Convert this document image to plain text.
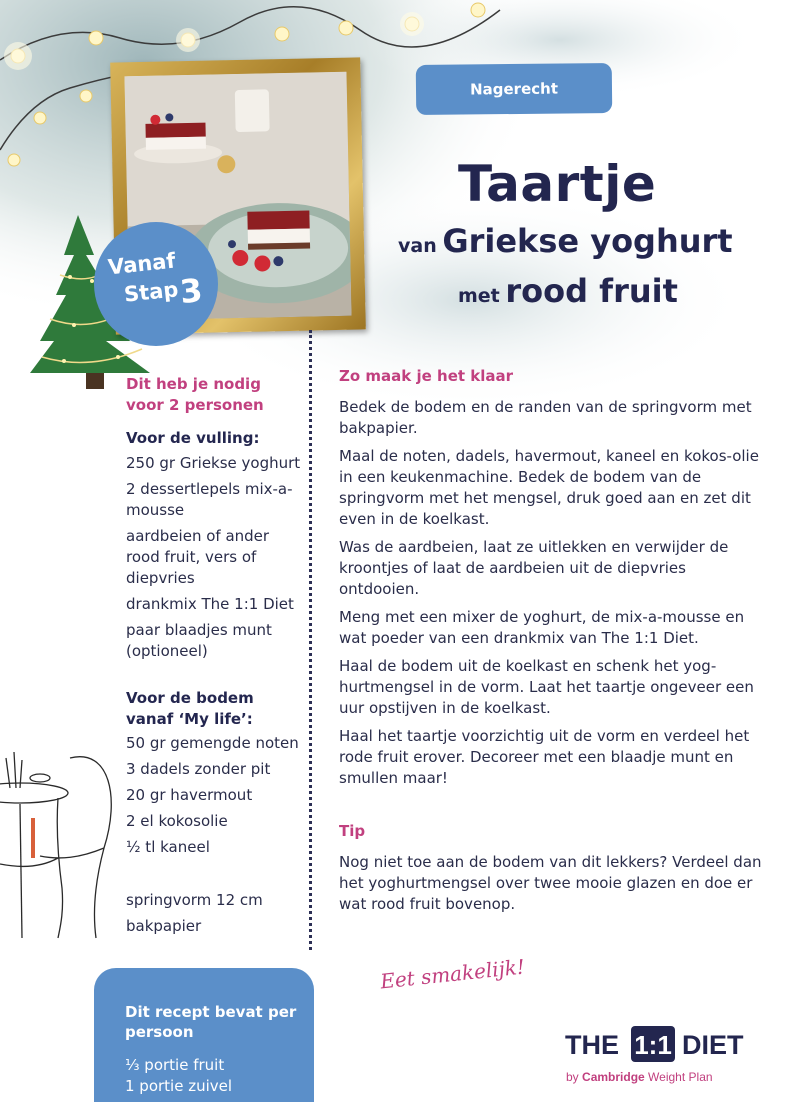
Nagerecht
Vanaf
Stap
3
Taartje
van Griekse yoghurt
met rood fruit
Dit heb je nodig
voor 2 personen
Voor de vulling:
250 gr Griekse yoghurt
2 dessertlepels mix-a-mousse
aardbeien of ander rood fruit, vers of diepvries
drankmix The 1:1 Diet
paar blaadjes munt (optioneel)
Voor de bodem
vanaf ‘My life’:
50 gr gemengde noten
3 dadels zonder pit
20 gr havermout
2 el kokosolie
½ tl kaneel
springvorm 12 cm
bakpapier
Zo maak je het klaar

Bedek de bodem en de randen van de springvorm met bakpapier.

Maal de noten, dadels, havermout, kaneel en kokos-olie in een keukenmachine. Bedek de bodem van de springvorm met het mengsel, druk goed aan en zet dit even in de koelkast.

Was de aardbeien, laat ze uitlekken en verwijder de kroontjes of laat de aardbeien uit de diepvries ontdooien.

Meng met een mixer de yoghurt, de mix-a-mousse en wat poeder van een drankmix van The 1:1 Diet.

Haal de bodem uit de koelkast en schenk het yog-hurtmengsel in de vorm. Laat het taartje ongeveer een uur opstijven in de koelkast.

Haal het taartje voorzichtig uit de vorm en verdeel het rode fruit erover. Decoreer met een blaadje munt en smullen maar!

Tip

Nog niet toe aan de bodem van dit lekkers? Verdeel dan het yoghurtmengsel over twee mooie glazen en doe er wat rood fruit bovenop.

Eet smakelijk!
Dit recept bevat per persoon
¹⁄₃ portie fruit
1 portie zuivel
THE 1:1 DIET
by Cambridge Weight Plan
